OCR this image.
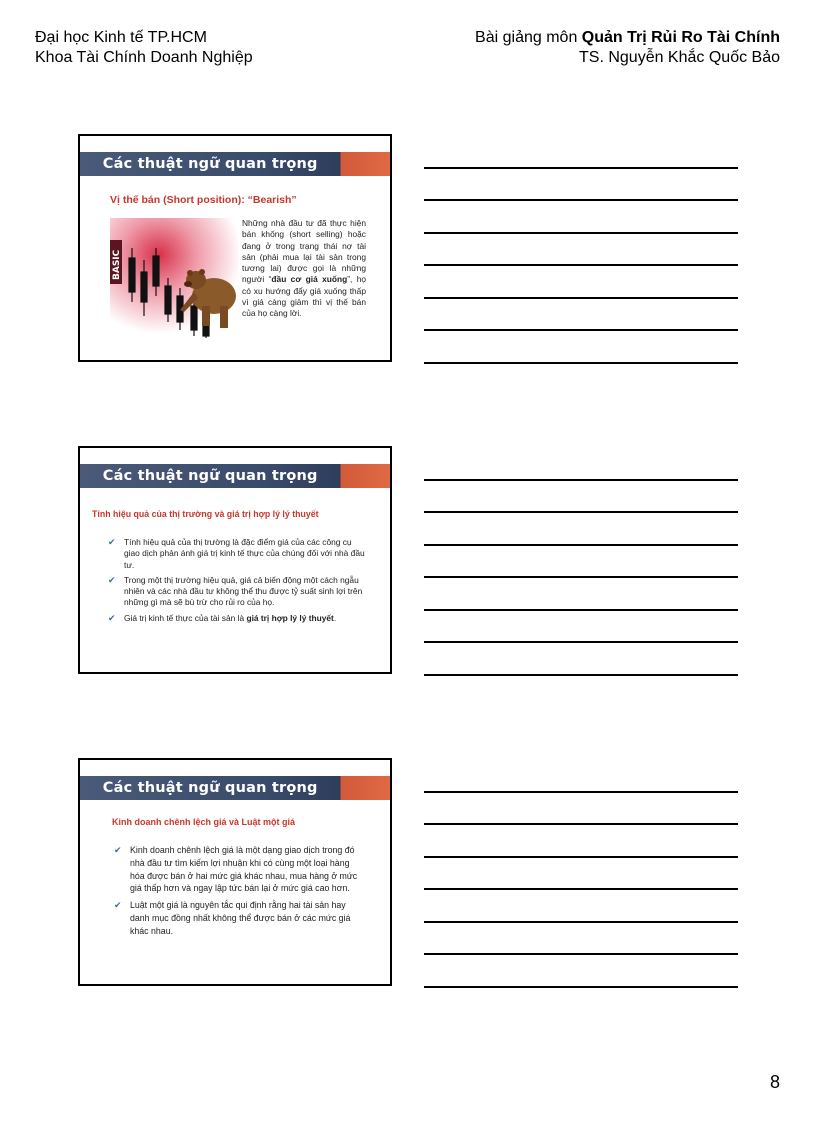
Đại học Kinh tế TP.HCM
Khoa Tài Chính Doanh Nghiệp
Bài giảng môn Quản Trị Rủi Ro Tài Chính
TS. Nguyễn Khắc Quốc Bảo
Các thuật ngữ quan trọng
Vị thế bán (Short position): “Bearish”
BASIC
Những nhà đầu tư đã thực hiện bán khống (short selling) hoặc đang ở trong trạng thái nợ tài sản (phải mua lại tài sản trong tương lai) được gọi là những người “đầu cơ giá xuống”, họ có xu hướng đẩy giá xuống thấp vì giá càng giảm thì vị thế bán của họ càng lời.
Các thuật ngữ quan trọng
Tính hiệu quả của thị trường và giá trị hợp lý lý thuyết
✔ Tính hiệu quả của thị trường là đặc điểm giá của các công cụ giao dịch phản ánh giá trị kinh tế thực của chúng đối với nhà đầu tư.
✔ Trong một thị trường hiệu quả, giá cả biến động một cách ngẫu nhiên và các nhà đầu tư không thể thu được tỷ suất sinh lợi trên những gì mà sẽ bù trừ cho rủi ro của họ.
✔ Giá trị kinh tế thực của tài sản là giá trị hợp lý lý thuyết.
Các thuật ngữ quan trọng
Kinh doanh chênh lệch giá và Luật một giá
✔ Kinh doanh chênh lệch giá là một dạng giao dịch trong đó nhà đầu tư tìm kiếm lợi nhuận khi có cùng một loại hàng hóa được bán ở hai mức giá khác nhau, mua hàng ở mức giá thấp hơn và ngay lập tức bán lại ở mức giá cao hơn.
✔ Luật một giá là nguyên tắc qui định rằng hai tài sản hay danh mục đồng nhất không thể được bán ở các mức giá khác nhau.
8
